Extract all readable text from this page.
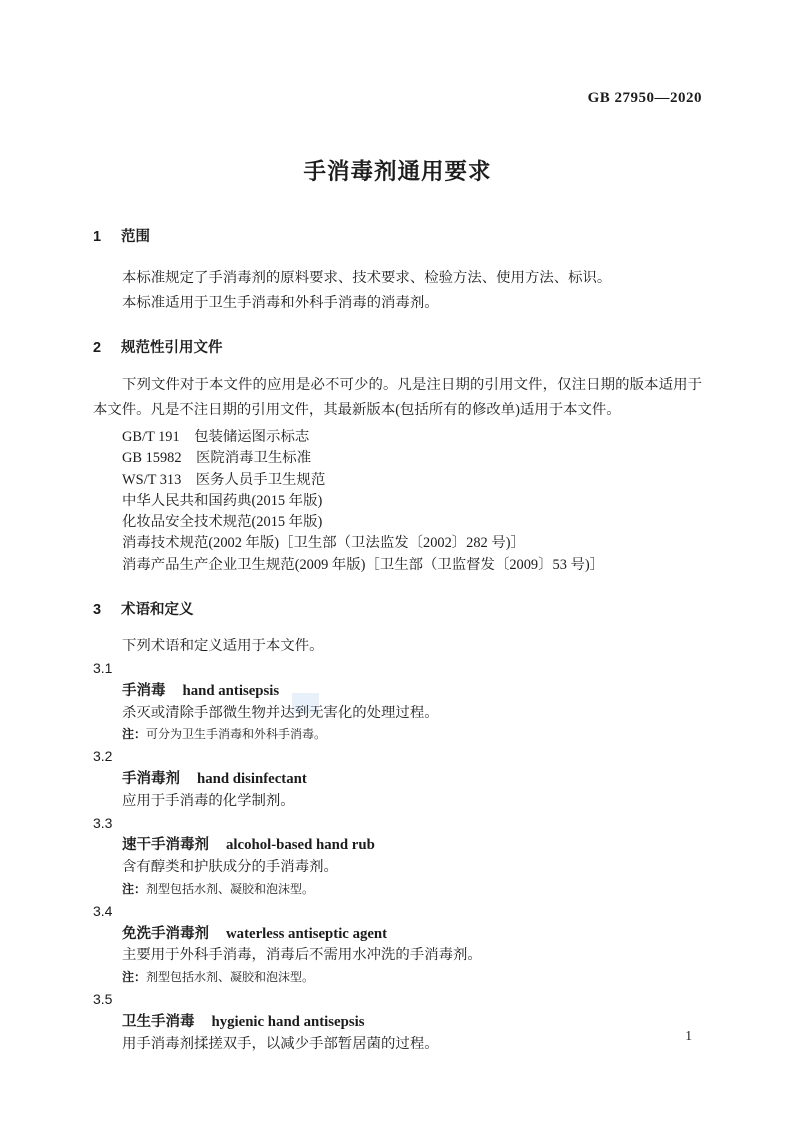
GB 27950—2020
手消毒剂通用要求
1 范围
本标准规定了手消毒剂的原料要求、技术要求、检验方法、使用方法、标识。
本标准适用于卫生手消毒和外科手消毒的消毒剂。
2 规范性引用文件
下列文件对于本文件的应用是必不可少的。凡是注日期的引用文件，仅注日期的版本适用于本文件。凡是不注日期的引用文件，其最新版本(包括所有的修改单)适用于本文件。
GB/T 191　包装储运图示标志
GB 15982　医院消毒卫生标准
WS/T 313　医务人员手卫生规范
中华人民共和国药典(2015 年版)
化妆品安全技术规范(2015 年版)
消毒技术规范(2002 年版)［卫生部（卫法监发〔2002〕282 号)］
消毒产品生产企业卫生规范(2009 年版)［卫生部（卫监督发〔2009〕53 号)］
3 术语和定义
下列术语和定义适用于本文件。
3.1
手消毒 hand antisepsis
杀灭或清除手部微生物并达到无害化的处理过程。
注：可分为卫生手消毒和外科手消毒。
3.2
手消毒剂 hand disinfectant
应用于手消毒的化学制剂。
3.3
速干手消毒剂 alcohol-based hand rub
含有醇类和护肤成分的手消毒剂。
注：剂型包括水剂、凝胶和泡沫型。
3.4
免洗手消毒剂 waterless antiseptic agent
主要用于外科手消毒，消毒后不需用水冲洗的手消毒剂。
注：剂型包括水剂、凝胶和泡沫型。
3.5
卫生手消毒 hygienic hand antisepsis
用手消毒剂揉搓双手，以减少手部暂居菌的过程。
1
